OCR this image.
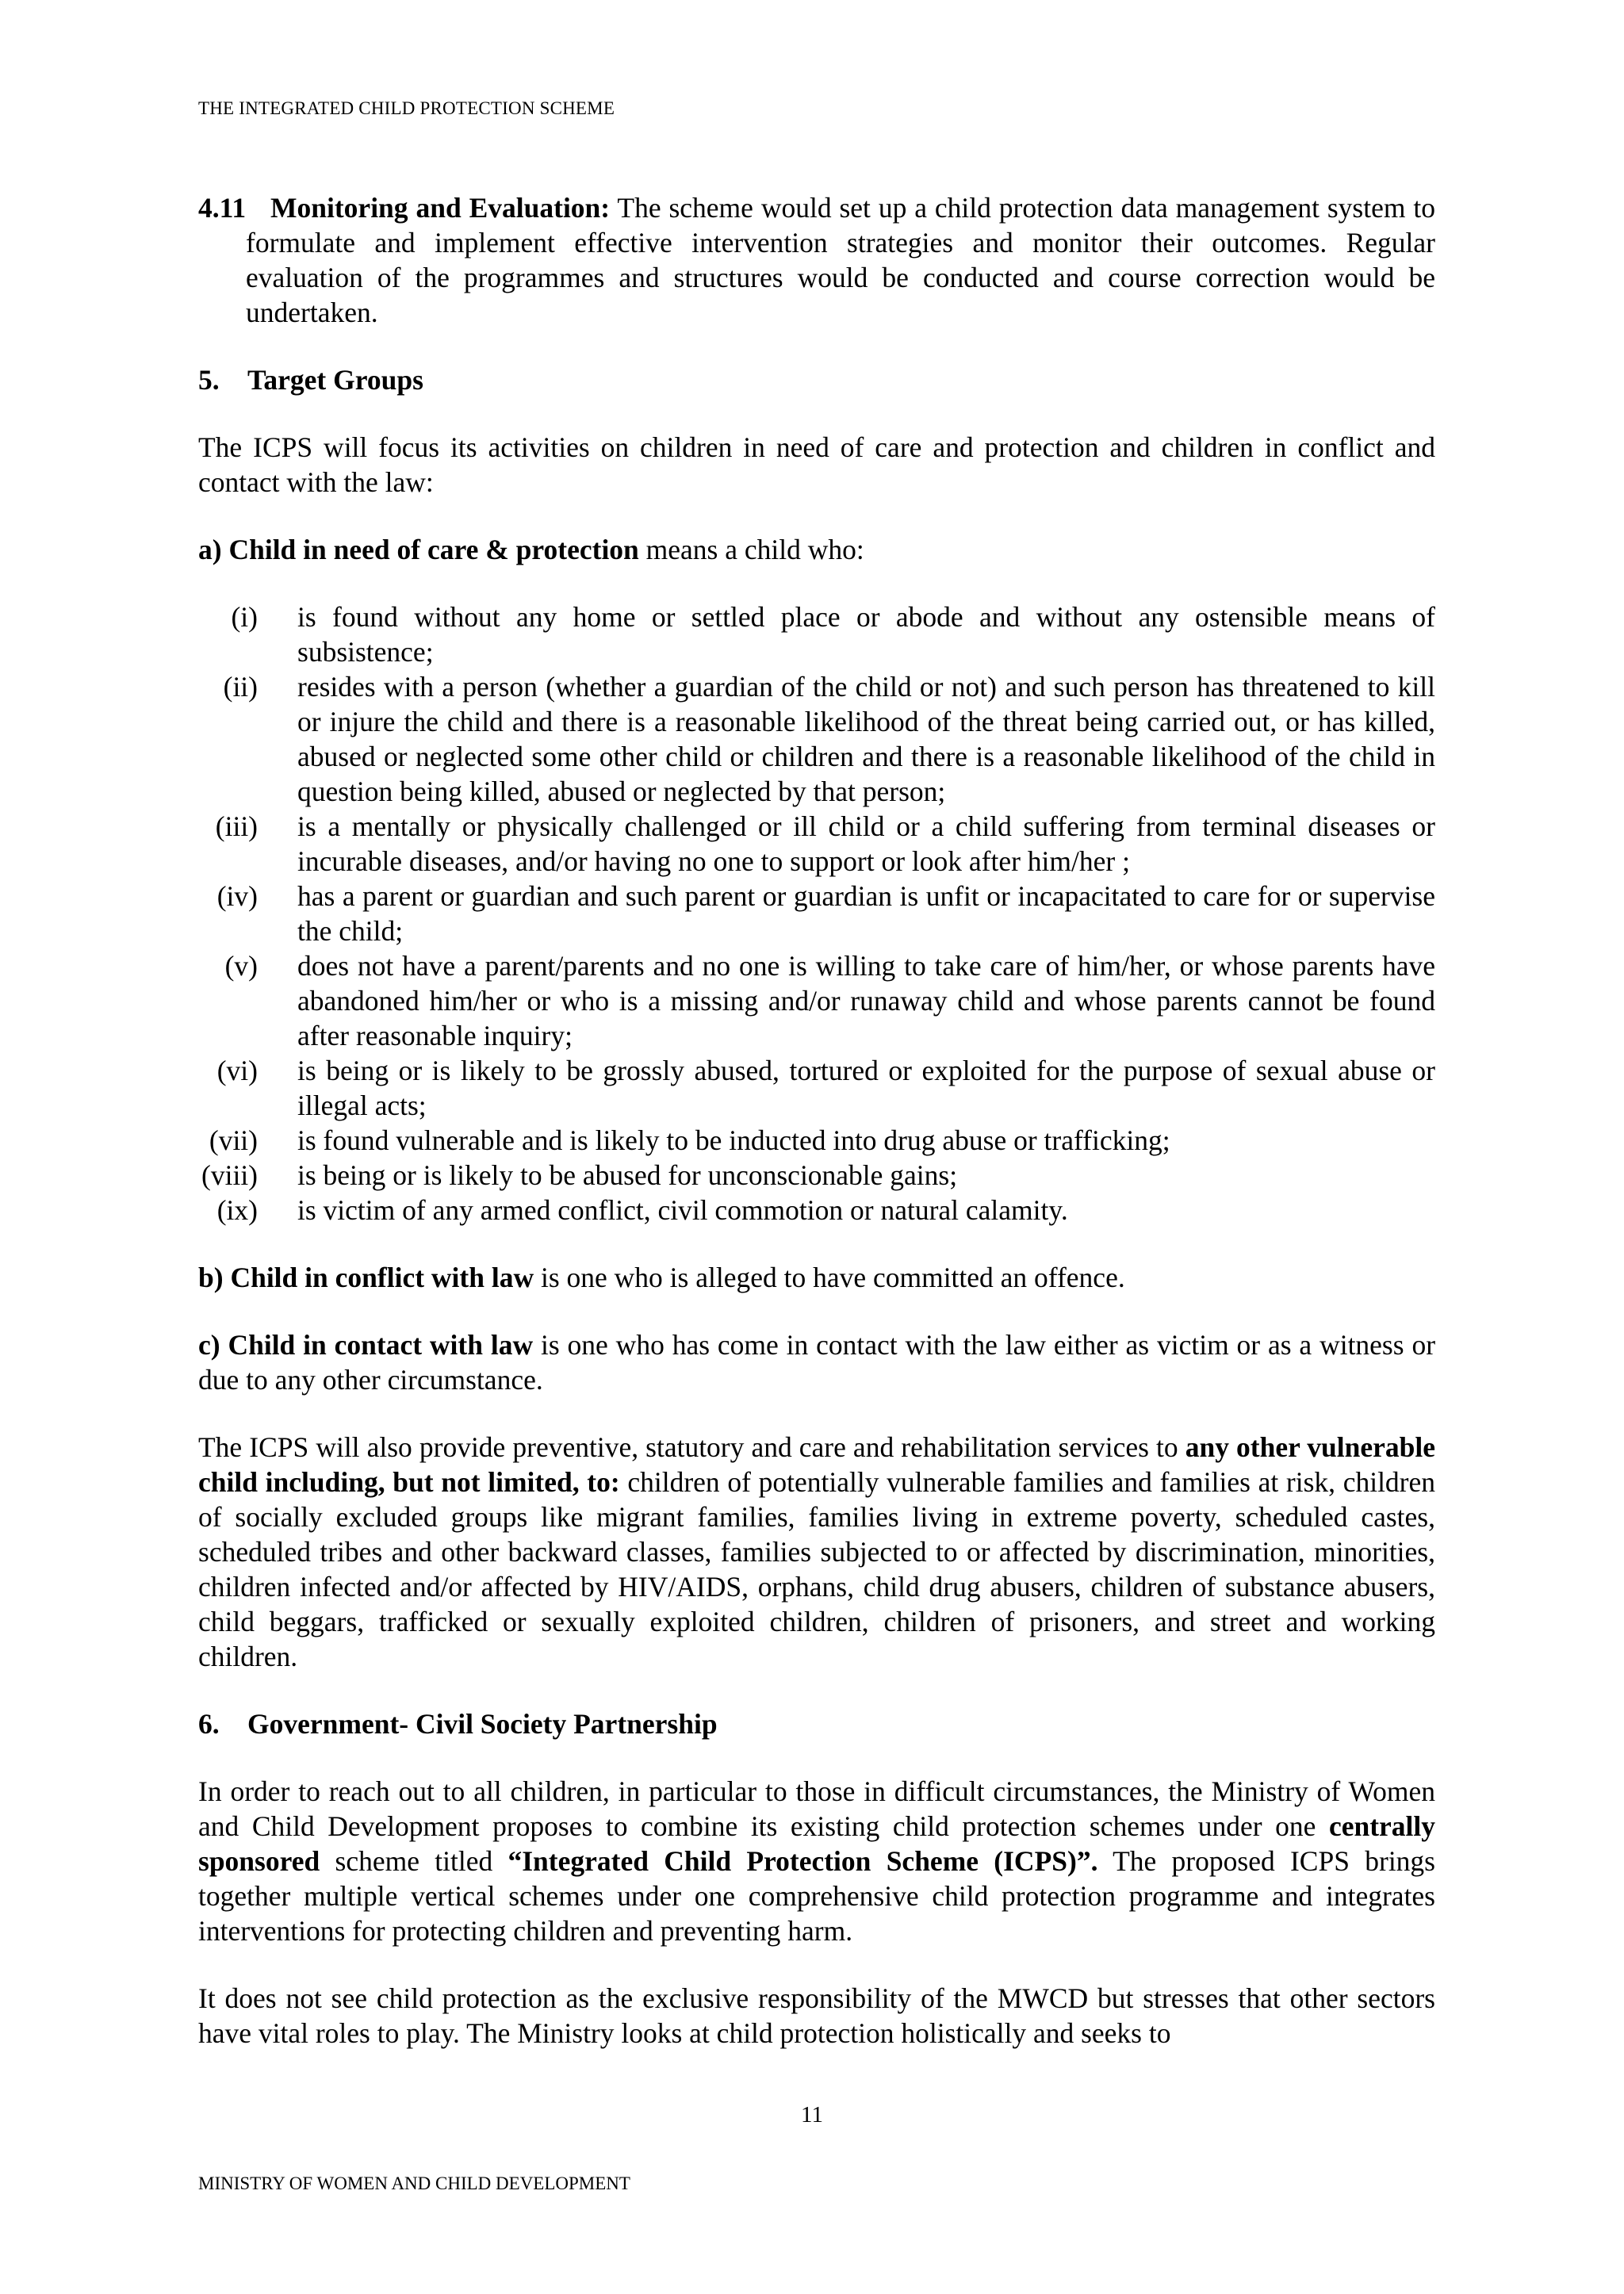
THE INTEGRATED CHILD PROTECTION SCHEME
4.11 Monitoring and Evaluation: The scheme would set up a child protection data management system to formulate and implement effective intervention strategies and monitor their outcomes. Regular evaluation of the programmes and structures would be conducted and course correction would be undertaken.

5. Target Groups

The ICPS will focus its activities on children in need of care and protection and children in conflict and contact with the law:

a) Child in need of care & protection means a child who:

(i)	is found without any home or settled place or abode and without any ostensible means of subsistence;
(ii)	resides with a person (whether a guardian of the child or not) and such person has threatened to kill or injure the child and there is a reasonable likelihood of the threat being carried out, or has killed, abused or neglected some other child or children and there is a reasonable likelihood of the child in question being killed, abused or neglected by that person;
(iii)	is a mentally or physically challenged or ill child or a child suffering from terminal diseases or incurable diseases, and/or having no one to support or look after him/her ;
(iv)	has a parent or guardian and such parent or guardian is unfit or incapacitated to care for or supervise the child;
(v)	does not have a parent/parents and no one is willing to take care of him/her, or whose parents have abandoned him/her or who is a missing and/or runaway child and whose parents cannot be found after reasonable inquiry;
(vi)	is being or is likely to be grossly abused, tortured or exploited for the purpose of sexual abuse or illegal acts;
(vii)	is found vulnerable and is likely to be inducted into drug abuse or trafficking;
(viii)	is being or is likely to be abused for unconscionable gains;
(ix)	is victim of any armed conflict, civil commotion or natural calamity.

b) Child in conflict with law is one who is alleged to have committed an offence.

c) Child in contact with law is one who has come in contact with the law either as victim or as a witness or due to any other circumstance.

The ICPS will also provide preventive, statutory and care and rehabilitation services to any other vulnerable child including, but not limited, to: children of potentially vulnerable families and families at risk, children of socially excluded groups like migrant families, families living in extreme poverty, scheduled castes, scheduled tribes and other backward classes, families subjected to or affected by discrimination, minorities, children infected and/or affected by HIV/AIDS, orphans, child drug abusers, children of substance abusers, child beggars, trafficked or sexually exploited children, children of prisoners, and street and working children.

6. Government- Civil Society Partnership

In order to reach out to all children, in particular to those in difficult circumstances, the Ministry of Women and Child Development proposes to combine its existing child protection schemes under one centrally sponsored scheme titled “Integrated Child Protection Scheme (ICPS)”. The proposed ICPS brings together multiple vertical schemes under one comprehensive child protection programme and integrates interventions for protecting children and preventing harm.

It does not see child protection as the exclusive responsibility of the MWCD but stresses that other sectors have vital roles to play. The Ministry looks at child protection holistically and seeks to

11
MINISTRY OF WOMEN AND CHILD DEVELOPMENT
